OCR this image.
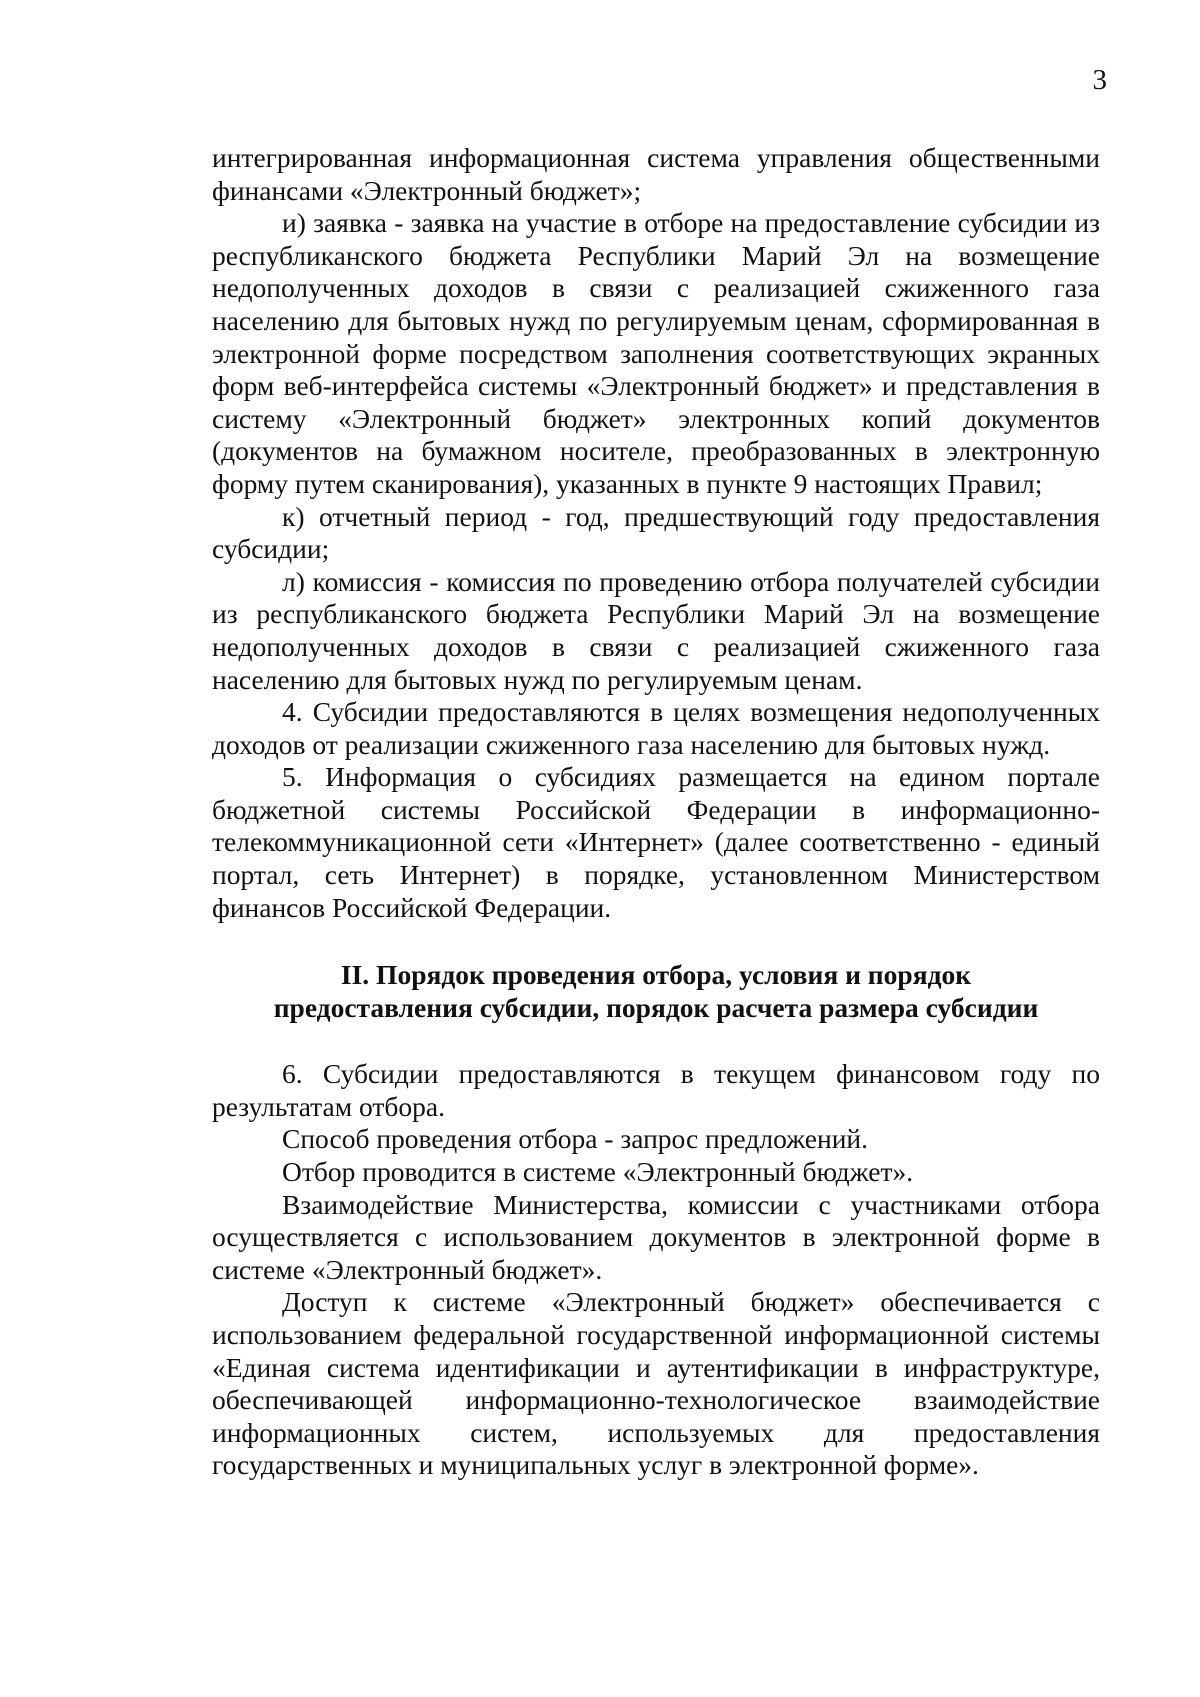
3

интегрированная информационная система управления общественными финансами «Электронный бюджет»;

и) заявка - заявка на участие в отборе на предоставление субсидии из республиканского бюджета Республики Марий Эл на возмещение недополученных доходов в связи с реализацией сжиженного газа населению для бытовых нужд по регулируемым ценам, сформированная в электронной форме посредством заполнения соответствующих экранных форм веб-интерфейса системы «Электронный бюджет» и представления в систему «Электронный бюджет» электронных копий документов (документов на бумажном носителе, преобразованных в электронную форму путем сканирования), указанных в пункте 9 настоящих Правил;

к) отчетный период - год, предшествующий году предоставления субсидии;

л) комиссия - комиссия по проведению отбора получателей субсидии из республиканского бюджета Республики Марий Эл на возмещение недополученных доходов в связи с реализацией сжиженного газа населению для бытовых нужд по регулируемым ценам.

4. Субсидии предоставляются в целях возмещения недополученных доходов от реализации сжиженного газа населению для бытовых нужд.

5. Информация о субсидиях размещается на едином портале бюджетной системы Российской Федерации в информационно-телекоммуникационной сети «Интернет» (далее соответственно - единый портал, сеть Интернет) в порядке, установленном Министерством финансов Российской Федерации.

II. Порядок проведения отбора, условия и порядок
предоставления субсидии, порядок расчета размера субсидии

6. Субсидии предоставляются в текущем финансовом году по результатам отбора.

Способ проведения отбора - запрос предложений.

Отбор проводится в системе «Электронный бюджет».

Взаимодействие Министерства, комиссии с участниками отбора осуществляется с использованием документов в электронной форме в системе «Электронный бюджет».

Доступ к системе «Электронный бюджет» обеспечивается с использованием федеральной государственной информационной системы «Единая система идентификации и аутентификации в инфраструктуре, обеспечивающей информационно-технологическое взаимодействие информационных систем, используемых для предоставления государственных и муниципальных услуг в электронной форме».
